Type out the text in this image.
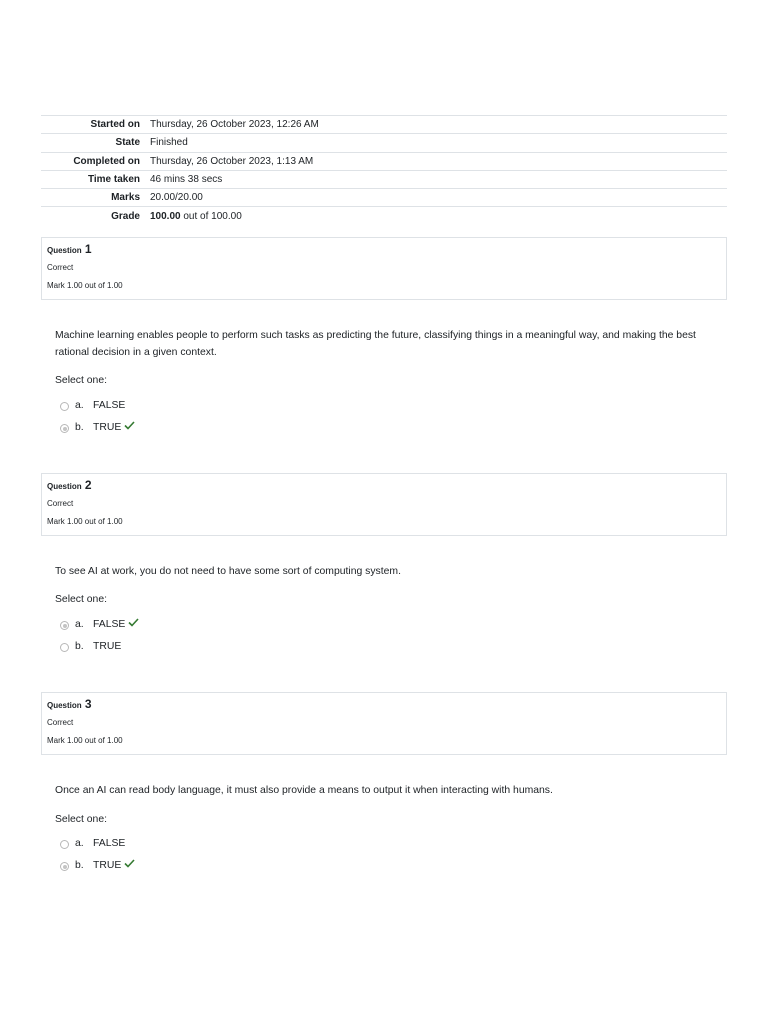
Started on	Thursday, 26 October 2023, 12:26 AM
State	Finished
Completed on	Thursday, 26 October 2023, 1:13 AM
Time taken	46 mins 38 secs
Marks	20.00/20.00
Grade	100.00 out of 100.00
Question 1
Correct
Mark 1.00 out of 1.00
Machine learning enables people to perform such tasks as predicting the future, classifying things in a meaningful way, and making the best rational decision in a given context.
Select one:
a. FALSE
b. TRUE
Question 2
Correct
Mark 1.00 out of 1.00
To see AI at work, you do not need to have some sort of computing system.
Select one:
a. FALSE
b. TRUE
Question 3
Correct
Mark 1.00 out of 1.00
Once an AI can read body language, it must also provide a means to output it when interacting with humans.
Select one:
a. FALSE
b. TRUE
